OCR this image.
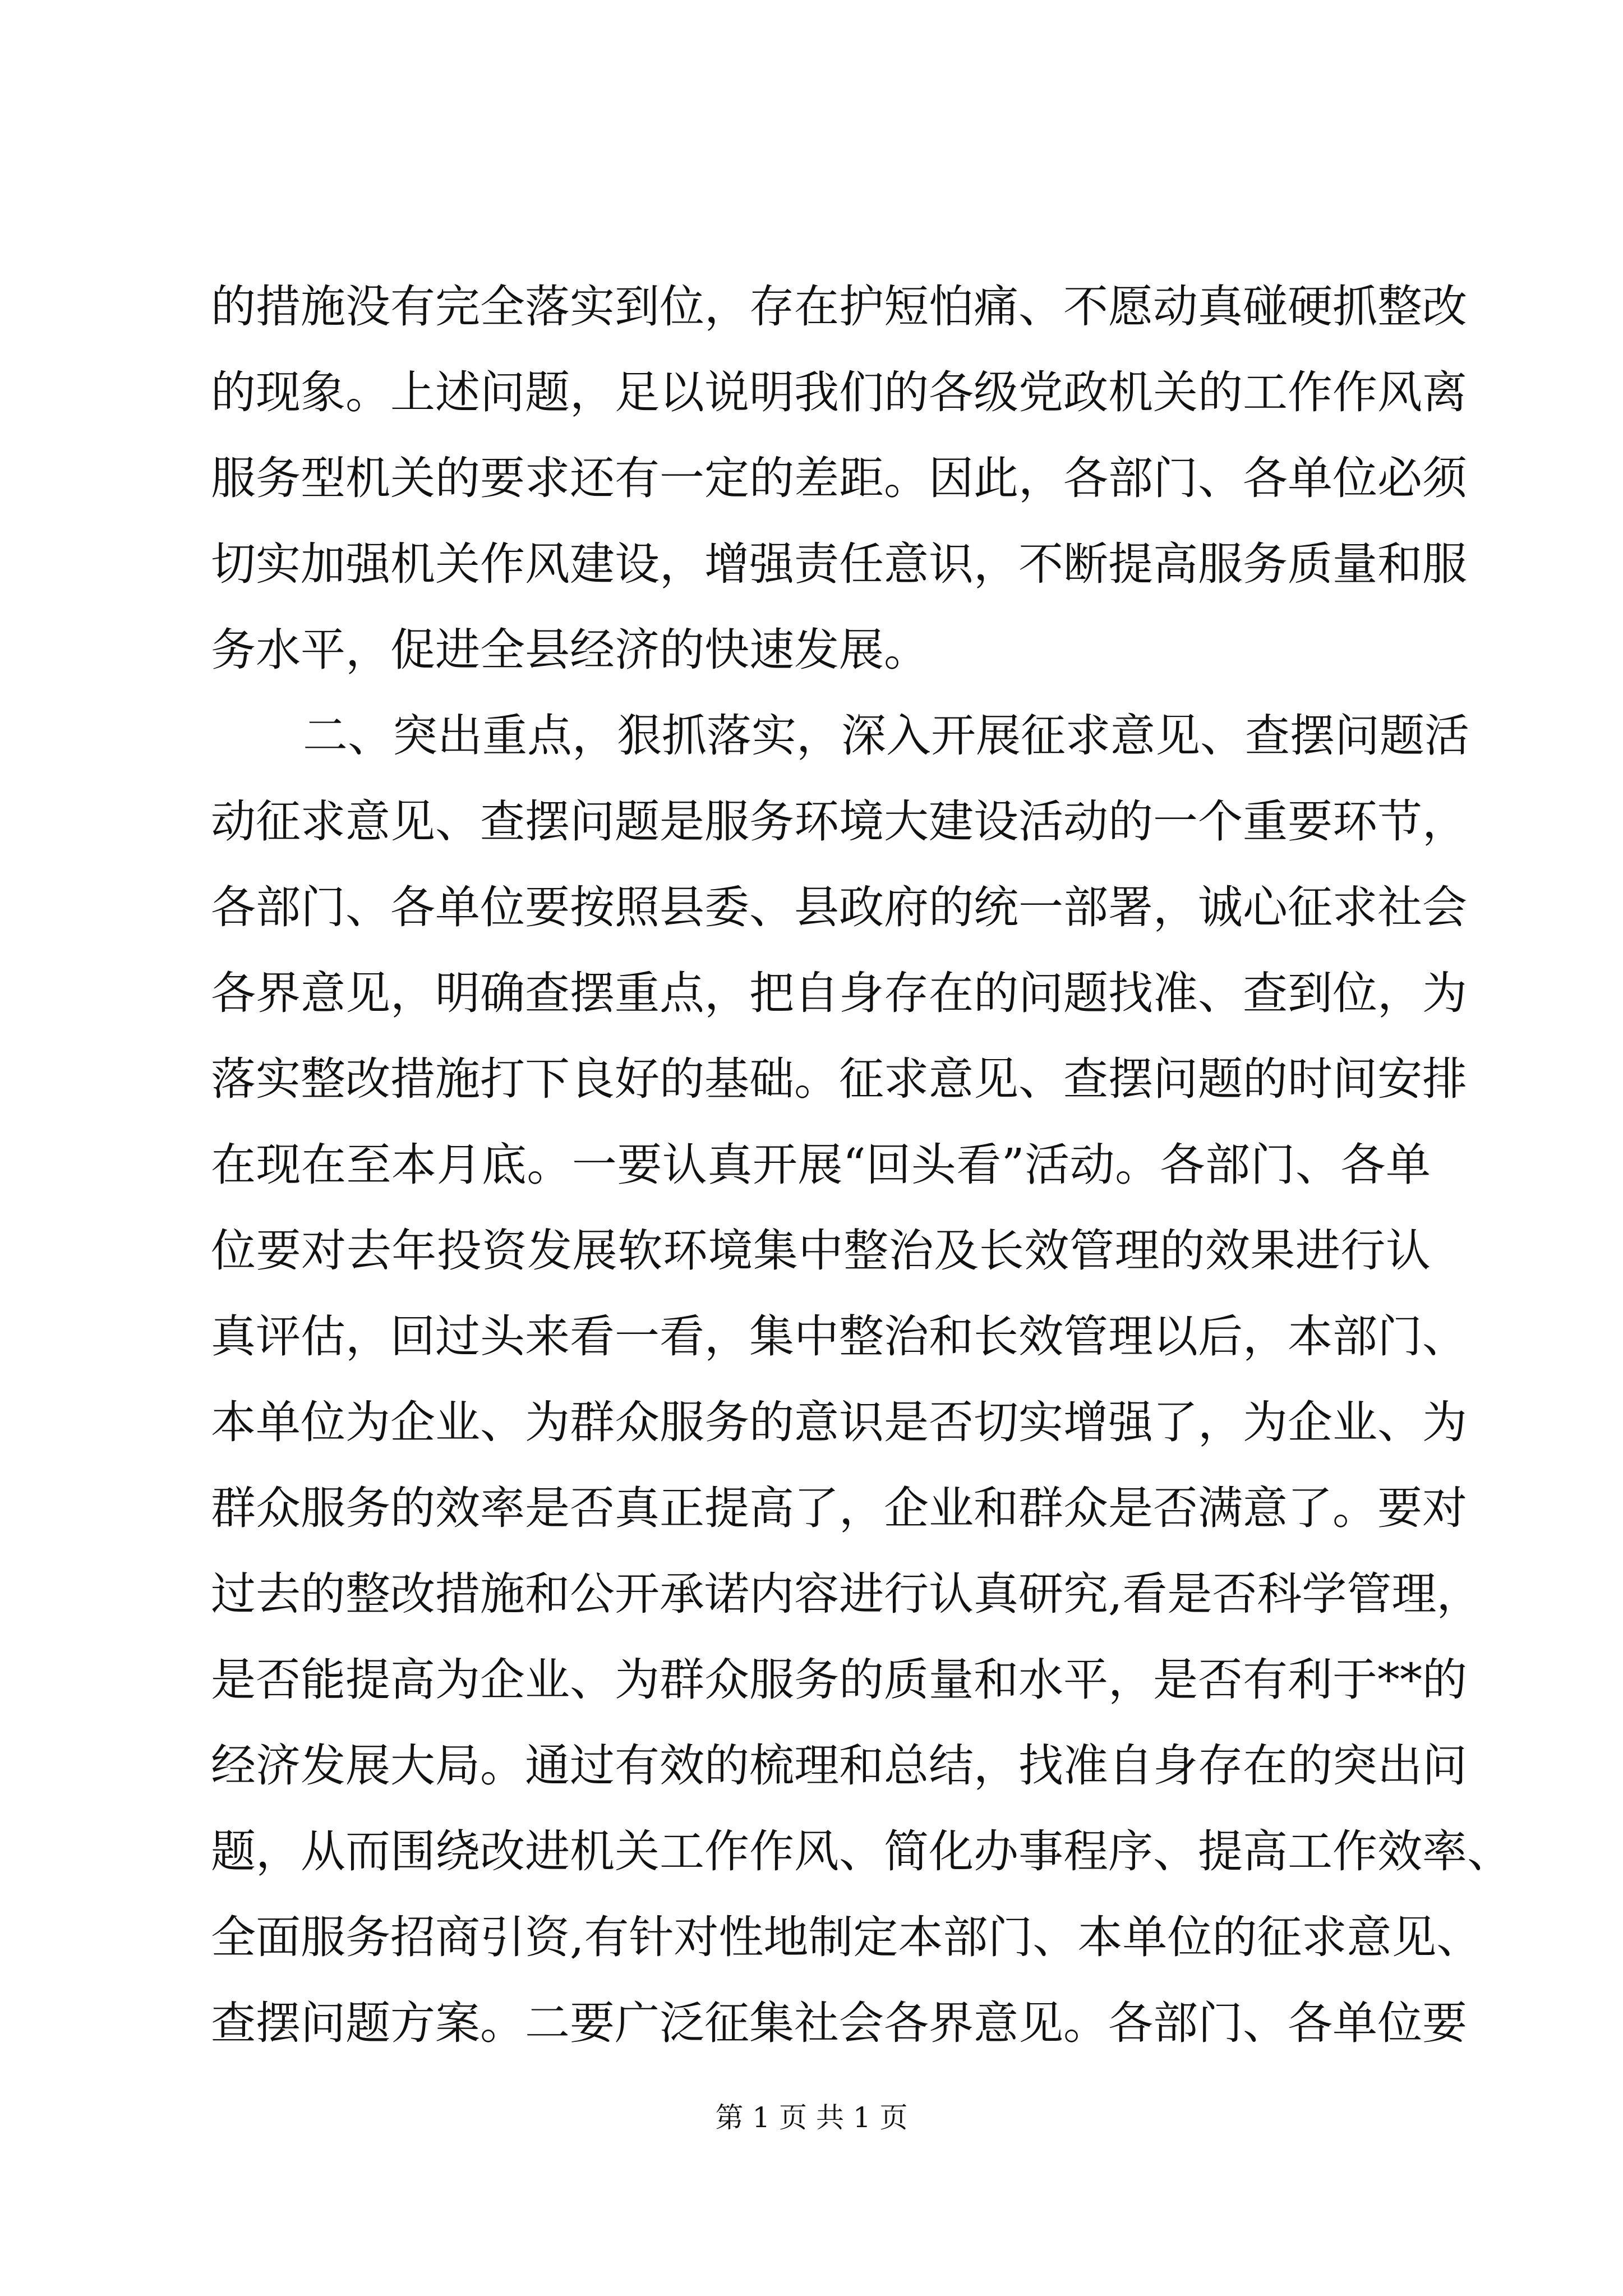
的措施没有完全落实到位，存在护短怕痛、不愿动真碰硬抓整改
的现象。上述问题，足以说明我们的各级党政机关的工作作风离
服务型机关的要求还有一定的差距。因此，各部门、各单位必须
切实加强机关作风建设，增强责任意识，不断提高服务质量和服
务水平，促进全县经济的快速发展。
二、突出重点，狠抓落实，深入开展征求意见、查摆问题活
动征求意见、查摆问题是服务环境大建设活动的一个重要环节，
各部门、各单位要按照县委、县政府的统一部署，诚心征求社会
各界意见，明确查摆重点，把自身存在的问题找准、查到位，为
落实整改措施打下良好的基础。征求意见、查摆问题的时间安排
在现在至本月底。一要认真开展“回头看”活动。各部门、各单
位要对去年投资发展软环境集中整治及长效管理的效果进行认
真评估，回过头来看一看，集中整治和长效管理以后，本部门、
本单位为企业、为群众服务的意识是否切实增强了，为企业、为
群众服务的效率是否真正提高了，企业和群众是否满意了。要对
过去的整改措施和公开承诺内容进行认真研究,看是否科学管理，
是否能提高为企业、为群众服务的质量和水平，是否有利于**的
经济发展大局。通过有效的梳理和总结，找准自身存在的突出问
题，从而围绕改进机关工作作风、简化办事程序、提高工作效率、
全面服务招商引资,有针对性地制定本部门、本单位的征求意见、
查摆问题方案。二要广泛征集社会各界意见。各部门、各单位要
第 1 页 共 1 页
